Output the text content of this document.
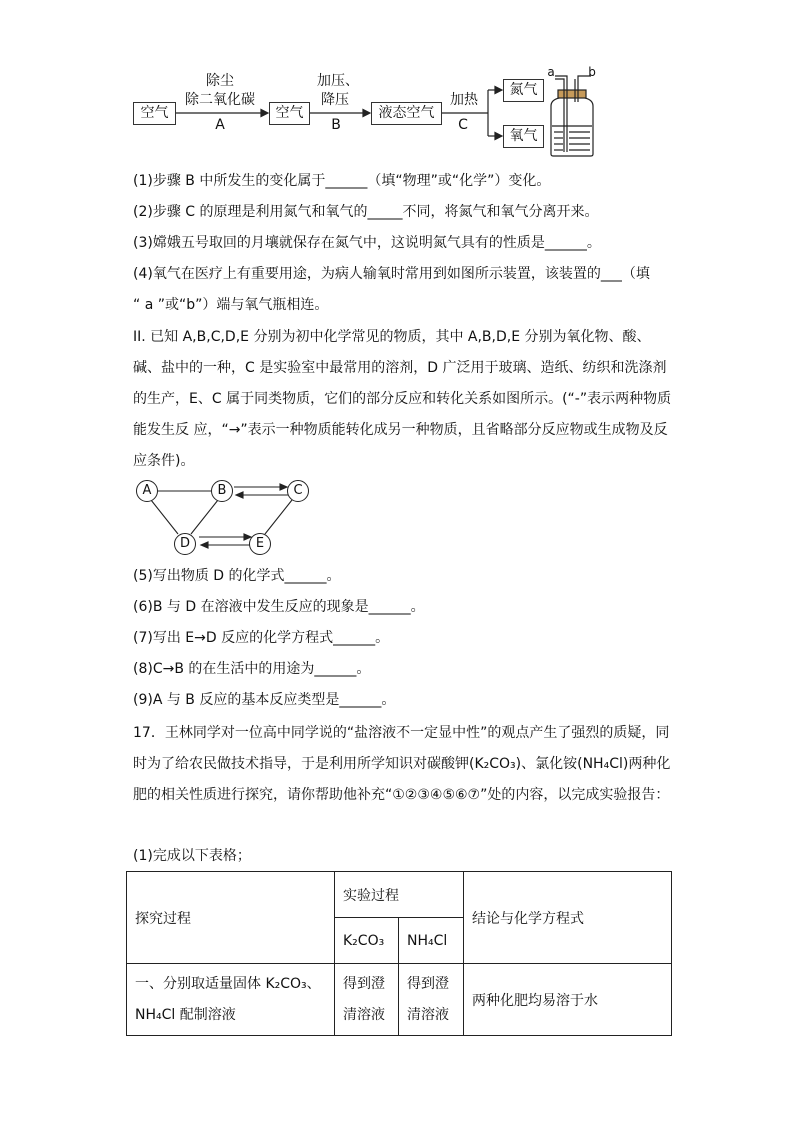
空气	空气	液态空气
氮气
氧气
除尘
除二氧化碳
A
加压、
降压
B
加热
C
a	b
(1)步骤 B 中所发生的变化属于______（填“物理”或“化学”）变化。
(2)步骤 C 的原理是利用氮气和氧气的_____不同，将氮气和氧气分离开来。
(3)嫦娥五号取回的月壤就保存在氮气中，这说明氮气具有的性质是______。
(4)氧气在医疗上有重要用途，为病人输氧时常用到如图所示装置，该装置的___（填
“ a ”或“b”）端与氧气瓶相连。
II. 已知 A,B,C,D,E 分别为初中化学常见的物质，其中 A,B,D,E 分别为氧化物、酸、 碱、盐中的一种，C 是实验室中最常用的溶剂，D 广泛用于玻璃、造纸、纺织和洗涤剂的生产，E、C 属于同类物质，它们的部分反应和转化关系如图所示。(“-”表示两种物质能发生反 应，“→”表示一种物质能转化成另一种物质，且省略部分反应物或生成物及反应条件)。
A	B	C
D	E
(5)写出物质 D 的化学式______。
(6)B 与 D 在溶液中发生反应的现象是______。
(7)写出 E→D 反应的化学方程式______。
(8)C→B 的在生活中的用途为______。
(9)A 与 B 反应的基本反应类型是______。
17．王林同学对一位高中同学说的“盐溶液不一定显中性”的观点产生了强烈的质疑，同时为了给农民做技术指导，于是利用所学知识对碳酸钾(K₂CO₃)、氯化铵(NH₄Cl)两种化肥的相关性质进行探究，请你帮助他补充“①②③④⑤⑥⑦”处的内容，以完成实验报告：
(1)完成以下表格；
探究过程	实验过程		结论与化学方程式
	K₂CO₃	NH₄Cl	
一、分别取适量固体 K₂CO₃、NH₄Cl 配制溶液	得到澄清溶液	得到澄清溶液	两种化肥均易溶于水
